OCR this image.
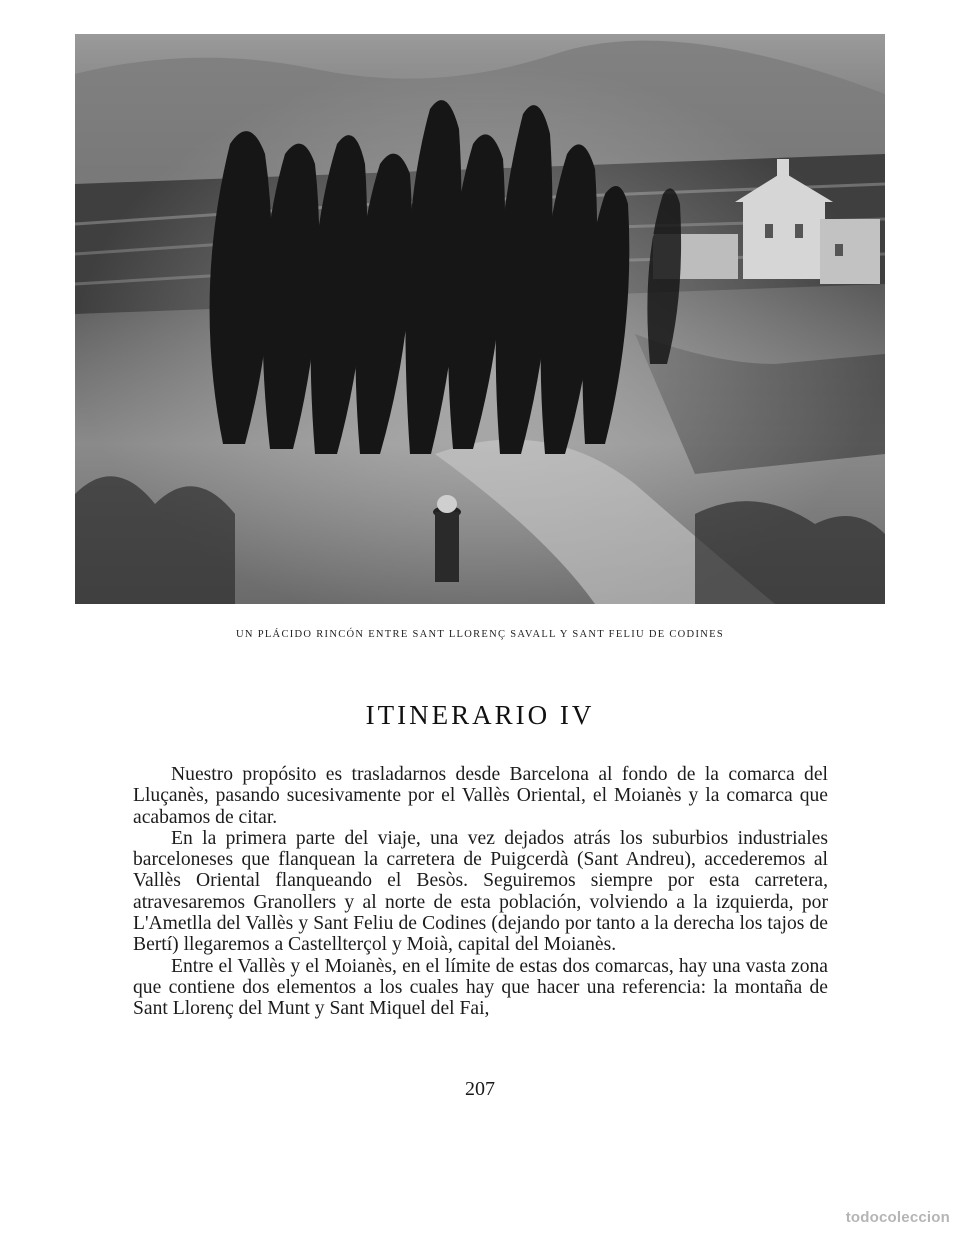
UN PLÁCIDO RINCÓN ENTRE SANT LLORENÇ SAVALL Y SANT FELIU DE CODINES
ITINERARIO IV

Nuestro propósito es trasladarnos desde Barcelona al fondo de la comarca del Lluçanès, pasando sucesivamente por el Vallès Oriental, el Moianès y la comarca que acabamos de citar.

En la primera parte del viaje, una vez dejados atrás los suburbios industriales barceloneses que flanquean la carretera de Puigcerdà (Sant Andreu), accederemos al Vallès Oriental flanqueando el Besòs. Seguiremos siempre por esta carretera, atravesaremos Granollers y al norte de esta población, volviendo a la izquierda, por L'Ametlla del Vallès y Sant Feliu de Codines (dejando por tanto a la derecha los tajos de Bertí) llegaremos a Castellterçol y Moià, capital del Moianès.

Entre el Vallès y el Moianès, en el límite de estas dos comarcas, hay una vasta zona que contiene dos elementos a los cuales hay que hacer una referencia: la montaña de Sant Llorenç del Munt y Sant Miquel del Fai,

207
todocoleccion
